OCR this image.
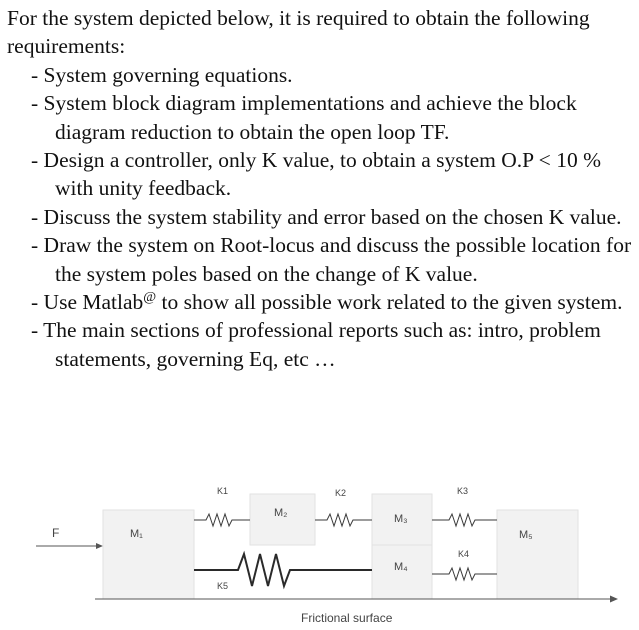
For the system depicted below, it is required to obtain the following requirements:

- System governing equations.
- System block diagram implementations and achieve the block diagram reduction to obtain the open loop TF.
- Design a controller, only K value, to obtain a system O.P < 10 % with unity feedback.
- Discuss the system stability and error based on the chosen K value.
- Draw the system on Root-locus and discuss the possible location for the system poles based on the change of K value.
- Use Matlab@ to show all possible work related to the given system.
- The main sections of professional reports such as: intro, problem statements, governing Eq, etc …
F	M₁
M₂	M₃
M₄
M₅
K1	K2	K3
K4
K5
Frictional surface
